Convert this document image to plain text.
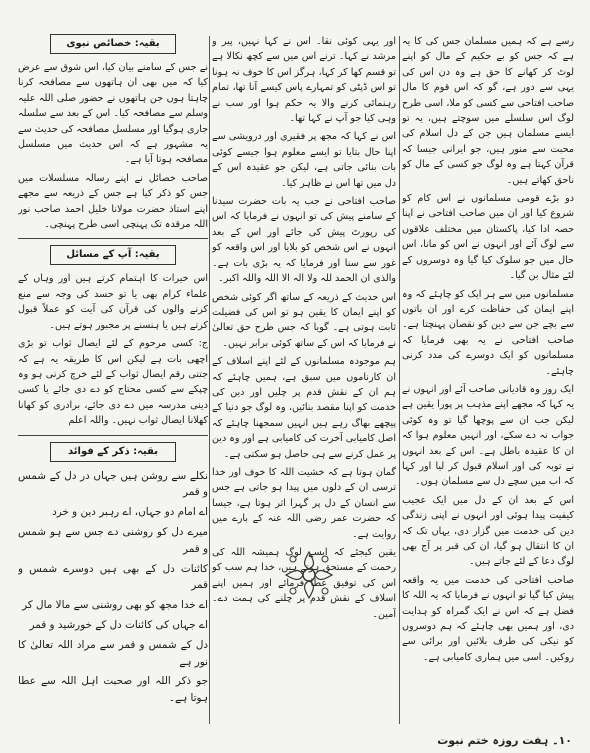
رسے ہے کہ ہمیں مسلمان جس کی کا یہ ہے کہ جس کو بے حکیم کے مال کو اپنے لوٹ کر کھانے کا حق ہے وہ دن اس کی یہی سے دور ہے، گو کہ اس قوم کا مال صاحب افتاحی سے کسی کو ملا، اسی طرح لوگ اس سلسلے میں سوچتے ہیں، یہ تو ایسے مسلمان ہیں جن کے دل اسلام کی محبت سے منور ہیں، جو ایرانی جیسا کہ قرآن کہتا ہے وہ لوگ جو کسی کے مال کو ناحق کھاتے ہیں۔

دو بڑے قومی مسلمانوں نے اس کام کو شروع کیا اور ان میں صاحب افتاحی نے اپنا حصہ ادا کیا، پاکستان میں مختلف علاقوں سے لوگ آئے اور انہوں نے اس کو مانا، اس حال میں جو سلوک کیا گیا وہ دوسروں کے لئے مثال بن گیا۔

مسلمانوں میں سے ہر ایک کو چاہئے کہ وہ اپنے ایمان کی حفاظت کرے اور ان باتوں سے بچے جن سے دین کو نقصان پہنچتا ہے۔ صاحب افتاحی نے یہ بھی فرمایا کہ مسلمانوں کو ایک دوسرے کی مدد کرنی چاہئے۔

ایک روز وہ قادیانی صاحب آئے اور انہوں نے یہ کہا کہ مجھے اپنے مذہب پر پورا یقین ہے لیکن جب ان سے پوچھا گیا تو وہ کوئی جواب نہ دے سکے، اور انہیں معلوم ہوا کہ ان کا عقیدہ باطل ہے۔ اس کے بعد انہوں نے توبہ کی اور اسلام قبول کر لیا اور کہا کہ اب میں سچے دل سے مسلمان ہوں۔

اس کے بعد ان کے دل میں ایک عجیب کیفیت پیدا ہوئی اور انہوں نے اپنی زندگی دین کی خدمت میں گزار دی، یہاں تک کہ ان کا انتقال ہو گیا، ان کی قبر پر آج بھی لوگ دعا کے لئے جاتے ہیں۔

صاحب افتاحی کی خدمت میں یہ واقعہ پیش کیا گیا تو انہوں نے فرمایا کہ یہ اللہ کا فضل ہے کہ اس نے ایک گمراہ کو ہدایت دی، اور ہمیں بھی چاہئے کہ ہم دوسروں کو نیکی کی طرف بلائیں اور برائی سے روکیں۔ اسی میں ہماری کامیابی ہے۔

اور یہی کوئی نقا۔ اس نے کہا نہیں، پیر و مرشد نے کہا۔ ترنے اس میں سے کچھ نکالا ہے تو قسم کھا کر کہا، ہرگز اس کا خوف نہ ہونا تو اس ڈپٹی کو تمہارے پاس کیسے آنا تھا، تمام رہنمائی کرنے والا یہ حکم ہوا اور سب نے وہی کیا جو آپ نے کہا تھا۔

اس نے کہا کہ مجھ پر فقیری اور درویشی سے اپنا حال بتایا تو ایسے معلوم ہوا جیسے کوئی بات بنائی جاتی ہے، لیکن جو عقیدہ اس کے دل میں تھا اس نے ظاہر کیا۔

صاحب افتاحی نے جب یہ بات حضرت سیدنا کے سامنے پیش کی تو انہوں نے فرمایا کہ اس کی رپورٹ پیش کی جائے اور اس کے بعد انہوں نے اس شخص کو بلایا اور اس واقعہ کو غور سے سنا اور فرمایا کہ یہ بڑی بات ہے۔ والذی ان الحمد للہ ولا الہ الا اللہ واللہ اکبر۔

اس حدیث کے ذریعہ کے ساتھ اگر کوئی شخص کو اپنے ایمان کا یقین ہو تو اس کی فضیلت ثابت ہوتی ہے۔ گویا کہ جس طرح حق تعالیٰ نے فرمایا کہ اس کے ساتھ کوئی برابر نہیں۔

ہم موجودہ مسلمانوں کے لئے اپنے اسلاف کے ان کارناموں میں سبق ہے، ہمیں چاہئے کہ ہم ان کے نقش قدم پر چلیں اور دین کی خدمت کو اپنا مقصد بنائیں، وہ لوگ جو دنیا کے پیچھے بھاگ رہے ہیں انہیں سمجھنا چاہئے کہ اصل کامیابی آخرت کی کامیابی ہے اور وہ دین پر عمل کرنے سے ہی حاصل ہو سکتی ہے۔

گمان ہوتا ہے کہ خشیت اللہ کا خوف اور خدا ترسی ان کے دلوں میں پیدا ہو جاتی ہے جس سے انسان کے دل پر گہرا اثر ہوتا ہے، جیسا کہ حضرت عمر رضی اللہ عنہ کے بارے میں روایت ہے۔

یقین کیجئے کہ ایسے لوگ ہمیشہ اللہ کی رحمت کے مستحق ہوتے ہیں، خدا ہم سب کو اس کی توفیق عطا فرمائے اور ہمیں اپنے اسلاف کے نقش قدم پر چلنے کی ہمت دے۔ آمین۔

بقیہ: خصائص نبوی

نے جس کے سامنے بیان کیا، اس شوق سے عرض کیا کہ میں بھی ان ہاتھوں سے مصافحہ کرنا چاہتا ہوں جن ہاتھوں نے حضور صلی اللہ علیہ وسلم سے مصافحہ کیا۔ اس کے بعد سے سلسلہ جاری ہوگیا اور مسلسل مصافحہ کی حدیث سے یہ مشہور ہے کہ اس حدیث میں مسلسل مصافحہ ہوتا آیا ہے۔

صاحب خصائل نے اپنے رسالہ مسلسلات میں جس کو ذکر کیا ہے جس کے ذریعہ سے مجھے اپنے استاذ حضرت مولانا خلیل احمد صاحب نور اللہ مرقدہ تک پہنچی اسی طرح پہنچی۔

بقیہ: آپ کے مسائل

اس خیرات کا اہتمام کرتے ہیں اور وہاں کے علماء کرام بھی یا تو حسد کی وجہ سے منع کرنے والوں کی قرآن کی آیت کو عملاً قبول کرتے ہیں یا ہنسنے پر مجبور ہوتے ہیں۔

ج: کسی مرحوم کے لئے ایصال ثواب تو بڑی اچھی بات ہے لیکن اس کا طریقہ یہ ہے کہ جتنی رقم ایصال ثواب کے لئے خرچ کرنی ہو وہ چپکے سے کسی محتاج کو دے دی جائے یا کسی دینی مدرسہ میں دے دی جائے، برادری کو کھانا کھلانا ایصال ثواب نہیں۔ واللہ اعلم

بقیہ: ذکر کے فوائد

نکلے سے روشن ہیں جہاں در دل کے شمس و قمر

اے امام دو جہاں، اے رہبر دین و خرد

میرے دل کو روشنی دے جس سے ہو شمس و قمر

کائنات دل کے بھی ہیں دوسرے شمس و قمر

اے خدا مجھ کو بھی روشنی سے مالا مال کر

اے جہاں کی کائنات دل کے خورشید و قمر

دل کے شمس و قمر سے مراد اللہ تعالیٰ کا نور ہے

جو ذکر اللہ اور صحبت اہل اللہ سے عطا ہوتا ہے۔

۱۰۔ ہفت روزہ ختم نبوت
